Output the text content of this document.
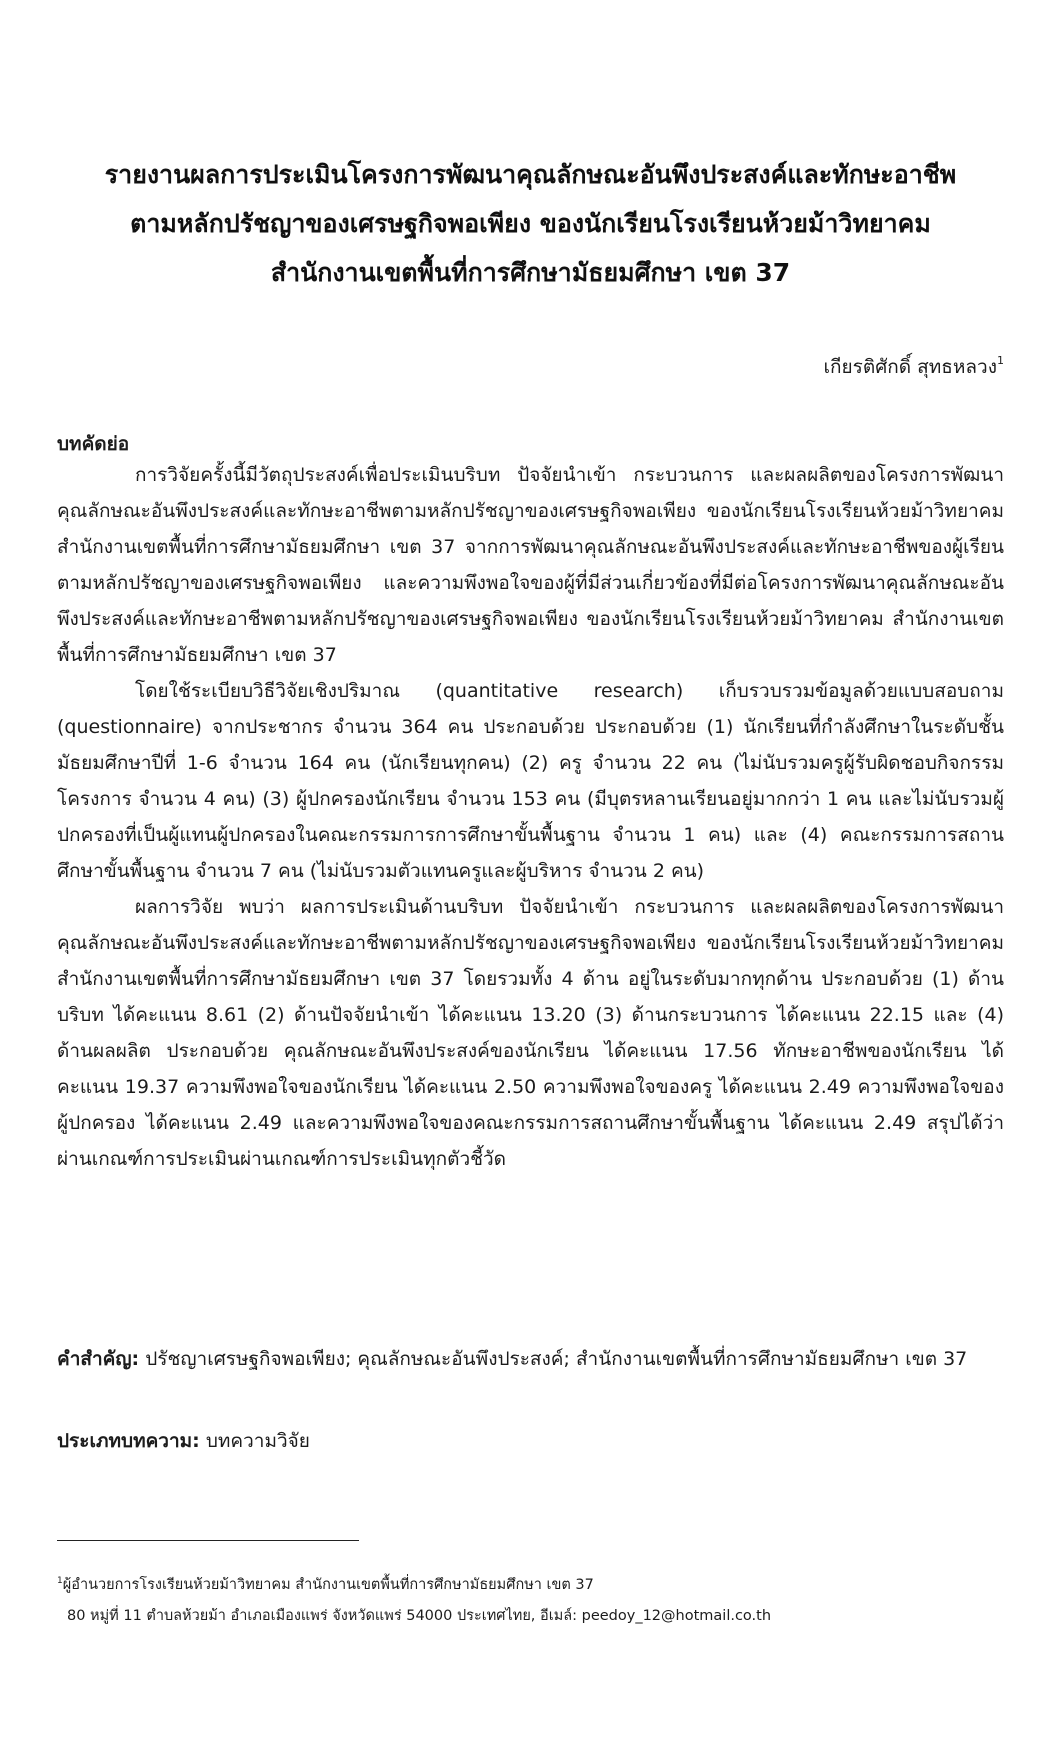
รายงานผลการประเมินโครงการพัฒนาคุณลักษณะอันพึงประสงค์และทักษะอาชีพ
ตามหลักปรัชญาของเศรษฐกิจพอเพียง ของนักเรียนโรงเรียนห้วยม้าวิทยาคม
สำนักงานเขตพื้นที่การศึกษามัธยมศึกษา เขต 37
เกียรติศักดิ์ สุทธหลวง$^1$
บทคัดย่อ

การวิจัยครั้งนี้มีวัตถุประสงค์เพื่อประเมินบริบท ปัจจัยนำเข้า กระบวนการ และผลผลิตของโครงการพัฒนาคุณลักษณะอันพึงประสงค์และทักษะอาชีพตามหลักปรัชญาของเศรษฐกิจพอเพียง ของนักเรียนโรงเรียนห้วยม้าวิทยาคม สำนักงานเขตพื้นที่การศึกษามัธยมศึกษา เขต 37 จากการพัฒนาคุณลักษณะอันพึงประสงค์และทักษะอาชีพของผู้เรียน ตามหลักปรัชญาของเศรษฐกิจพอเพียง และความพึงพอใจของผู้ที่มีส่วนเกี่ยวข้องที่มีต่อโครงการพัฒนาคุณลักษณะอันพึงประสงค์และทักษะอาชีพตามหลักปรัชญาของเศรษฐกิจพอเพียง ของนักเรียนโรงเรียนห้วยม้าวิทยาคม สำนักงานเขตพื้นที่การศึกษามัธยมศึกษา เขต 37

โดยใช้ระเบียบวิธีวิจัยเชิงปริมาณ (quantitative research) เก็บรวบรวมข้อมูลด้วยแบบสอบถาม (questionnaire) จากประชากร จำนวน 364 คน ประกอบด้วย ประกอบด้วย (1) นักเรียนที่กำลังศึกษาในระดับชั้นมัธยมศึกษาปีที่ 1-6 จำนวน 164 คน (นักเรียนทุกคน) (2) ครู จำนวน 22 คน (ไม่นับรวมครูผู้รับผิดชอบกิจกรรมโครงการ จำนวน 4 คน) (3) ผู้ปกครองนักเรียน จำนวน 153 คน (มีบุตรหลานเรียนอยู่มากกว่า 1 คน และไม่นับรวมผู้ปกครองที่เป็นผู้แทนผู้ปกครองในคณะกรรมการการศึกษาขั้นพื้นฐาน จำนวน 1 คน) และ (4) คณะกรรมการสถานศึกษาขั้นพื้นฐาน จำนวน 7 คน (ไม่นับรวมตัวแทนครูและผู้บริหาร จำนวน 2 คน)

ผลการวิจัย พบว่า ผลการประเมินด้านบริบท ปัจจัยนำเข้า กระบวนการ และผลผลิตของโครงการพัฒนาคุณลักษณะอันพึงประสงค์และทักษะอาชีพตามหลักปรัชญาของเศรษฐกิจพอเพียง ของนักเรียนโรงเรียนห้วยม้าวิทยาคม สำนักงานเขตพื้นที่การศึกษามัธยมศึกษา เขต 37 โดยรวมทั้ง 4 ด้าน อยู่ในระดับมากทุกด้าน ประกอบด้วย (1) ด้านบริบท ได้คะแนน 8.61 (2) ด้านปัจจัยนำเข้า ได้คะแนน 13.20 (3) ด้านกระบวนการ ได้คะแนน 22.15 และ (4) ด้านผลผลิต ประกอบด้วย คุณลักษณะอันพึงประสงค์ของนักเรียน ได้คะแนน 17.56 ทักษะอาชีพของนักเรียน ได้คะแนน 19.37 ความพึงพอใจของนักเรียน ได้คะแนน 2.50 ความพึงพอใจของครู ได้คะแนน 2.49 ความพึงพอใจของผู้ปกครอง ได้คะแนน 2.49 และความพึงพอใจของคณะกรรมการสถานศึกษาขั้นพื้นฐาน ได้คะแนน 2.49 สรุปได้ว่าผ่านเกณฑ์การประเมินผ่านเกณฑ์การประเมินทุกตัวชี้วัด

คำสำคัญ: ปรัชญาเศรษฐกิจพอเพียง; คุณลักษณะอันพึงประสงค์; สำนักงานเขตพื้นที่การศึกษามัธยมศึกษา เขต 37
ประเภทบทความ: บทความวิจัย
$^1$ผู้อำนวยการโรงเรียนห้วยม้าวิทยาคม สำนักงานเขตพื้นที่การศึกษามัธยมศึกษา เขต 37
80 หมู่ที่ 11 ตำบลห้วยม้า อำเภอเมืองแพร่ จังหวัดแพร่ 54000 ประเทศไทย, อีเมล์: peedoy_12@hotmail.co.th
